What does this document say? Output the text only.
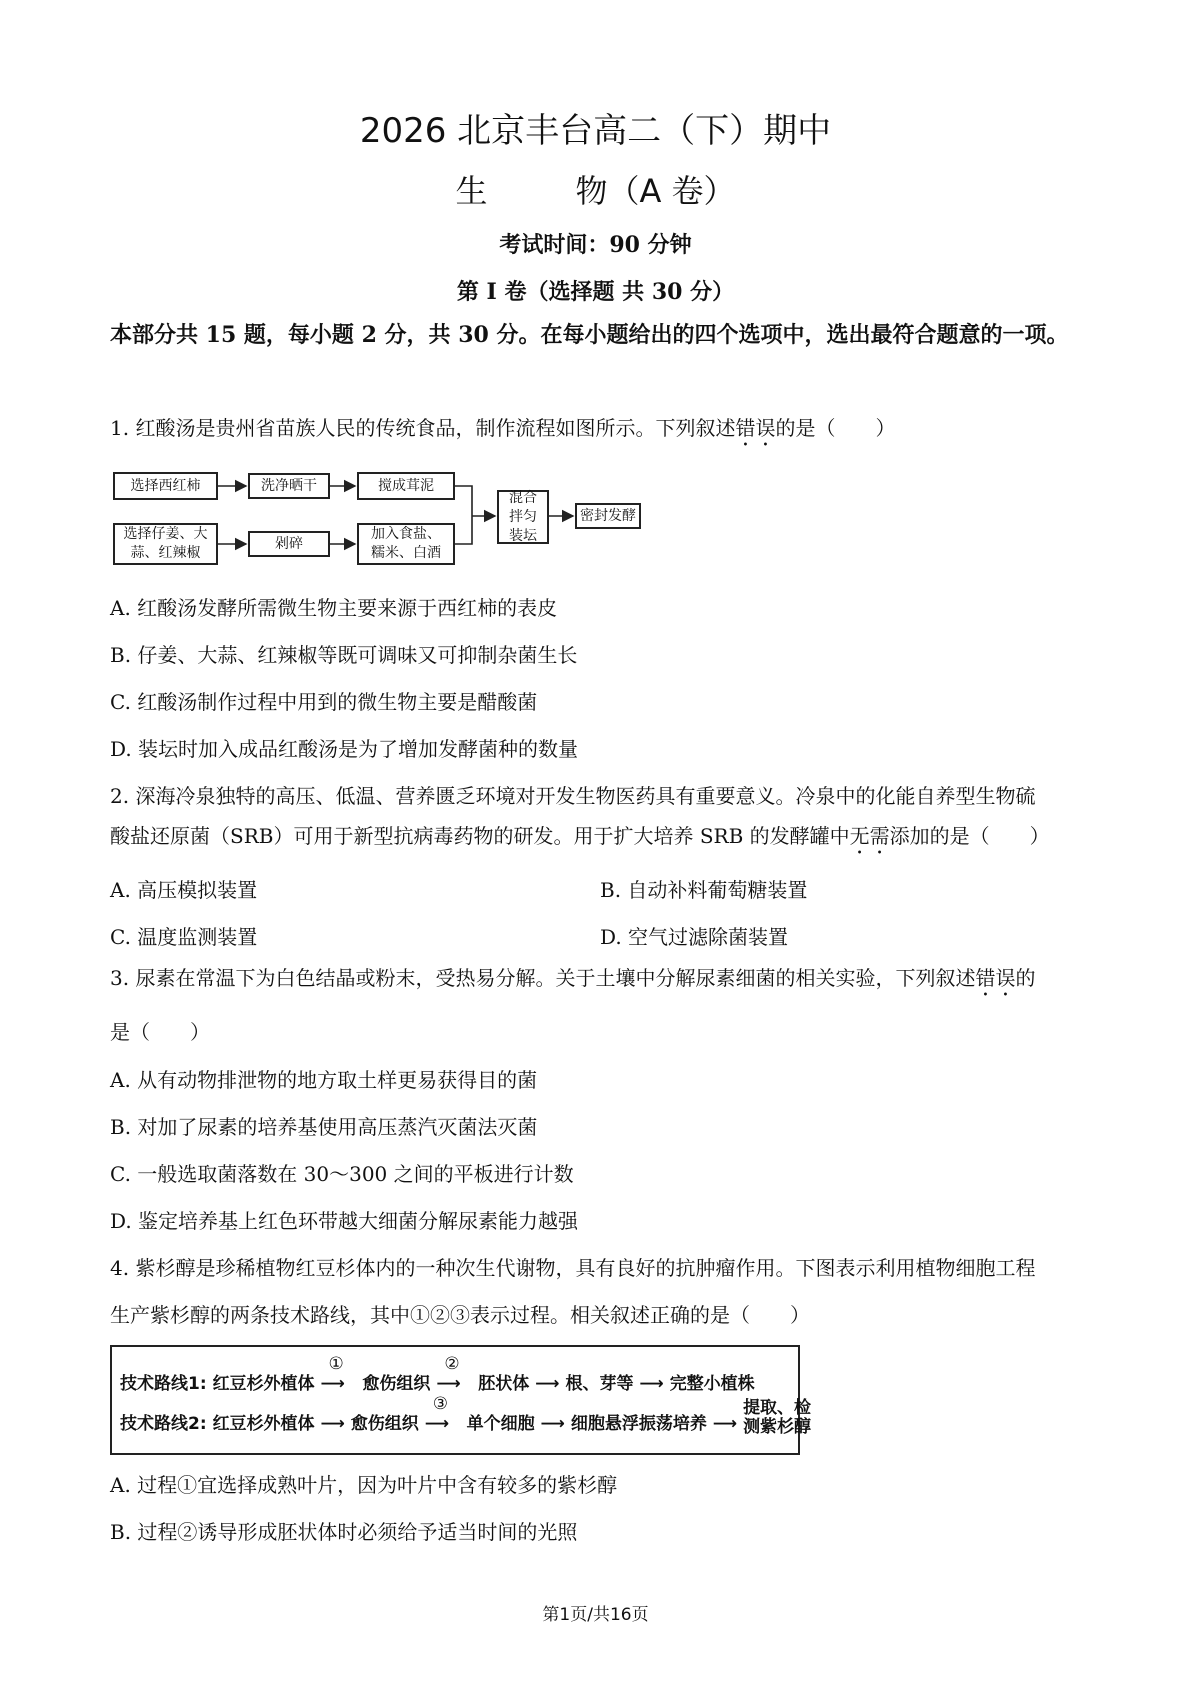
2026 北京丰台高二（下）期中
生	物（A 卷）
考试时间：90 分钟
第 I 卷（选择题 共 30 分）
本部分共 15 题，每小题 2 分，共 30 分。在每小题给出的四个选项中，选出最符合题意的一项。
1. 红酸汤是贵州省苗族人民的传统食品，制作流程如图所示。下列叙述错误的是（　　）
选择西红柿	洗净晒干	搅成茸泥
选择仔姜、大蒜、红辣椒
剁碎
加入食盐、糯米、白酒
混合拌匀装坛
密封发酵
A. 红酸汤发酵所需微生物主要来源于西红柿的表皮
B. 仔姜、大蒜、红辣椒等既可调味又可抑制杂菌生长
C. 红酸汤制作过程中用到的微生物主要是醋酸菌
D. 装坛时加入成品红酸汤是为了增加发酵菌种的数量
2. 深海冷泉独特的高压、低温、营养匮乏环境对开发生物医药具有重要意义。冷泉中的化能自养型生物硫
酸盐还原菌（SRB）可用于新型抗病毒药物的研发。用于扩大培养 SRB 的发酵罐中无需添加的是（　　）
A. 高压模拟装置	B. 自动补料葡萄糖装置
C. 温度监测装置	D. 空气过滤除菌装置
3. 尿素在常温下为白色结晶或粉末，受热易分解。关于土壤中分解尿素细菌的相关实验，下列叙述错误的
是（　　）
A. 从有动物排泄物的地方取土样更易获得目的菌
B. 对加了尿素的培养基使用高压蒸汽灭菌法灭菌
C. 一般选取菌落数在 30～300 之间的平板进行计数
D. 鉴定培养基上红色环带越大细菌分解尿素能力越强
4. 紫杉醇是珍稀植物红豆杉体内的一种次生代谢物，具有良好的抗肿瘤作用。下图表示利用植物细胞工程
生产紫杉醇的两条技术路线，其中①②③表示过程。相关叙述正确的是（　　）
技术路线1: 红豆杉外植体
①
⟶ 愈伤组织
②
⟶ 胚状体 ⟶ 根、芽等 ⟶ 完整小植株
技术路线2: 红豆杉外植体 ⟶ 愈伤组织
③
⟶ 单个细胞 ⟶ 细胞悬浮振荡培养 ⟶
提取、检
测紫杉醇
A. 过程①宜选择成熟叶片，因为叶片中含有较多的紫杉醇
B. 过程②诱导形成胚状体时必须给予适当时间的光照
第1页/共16页
